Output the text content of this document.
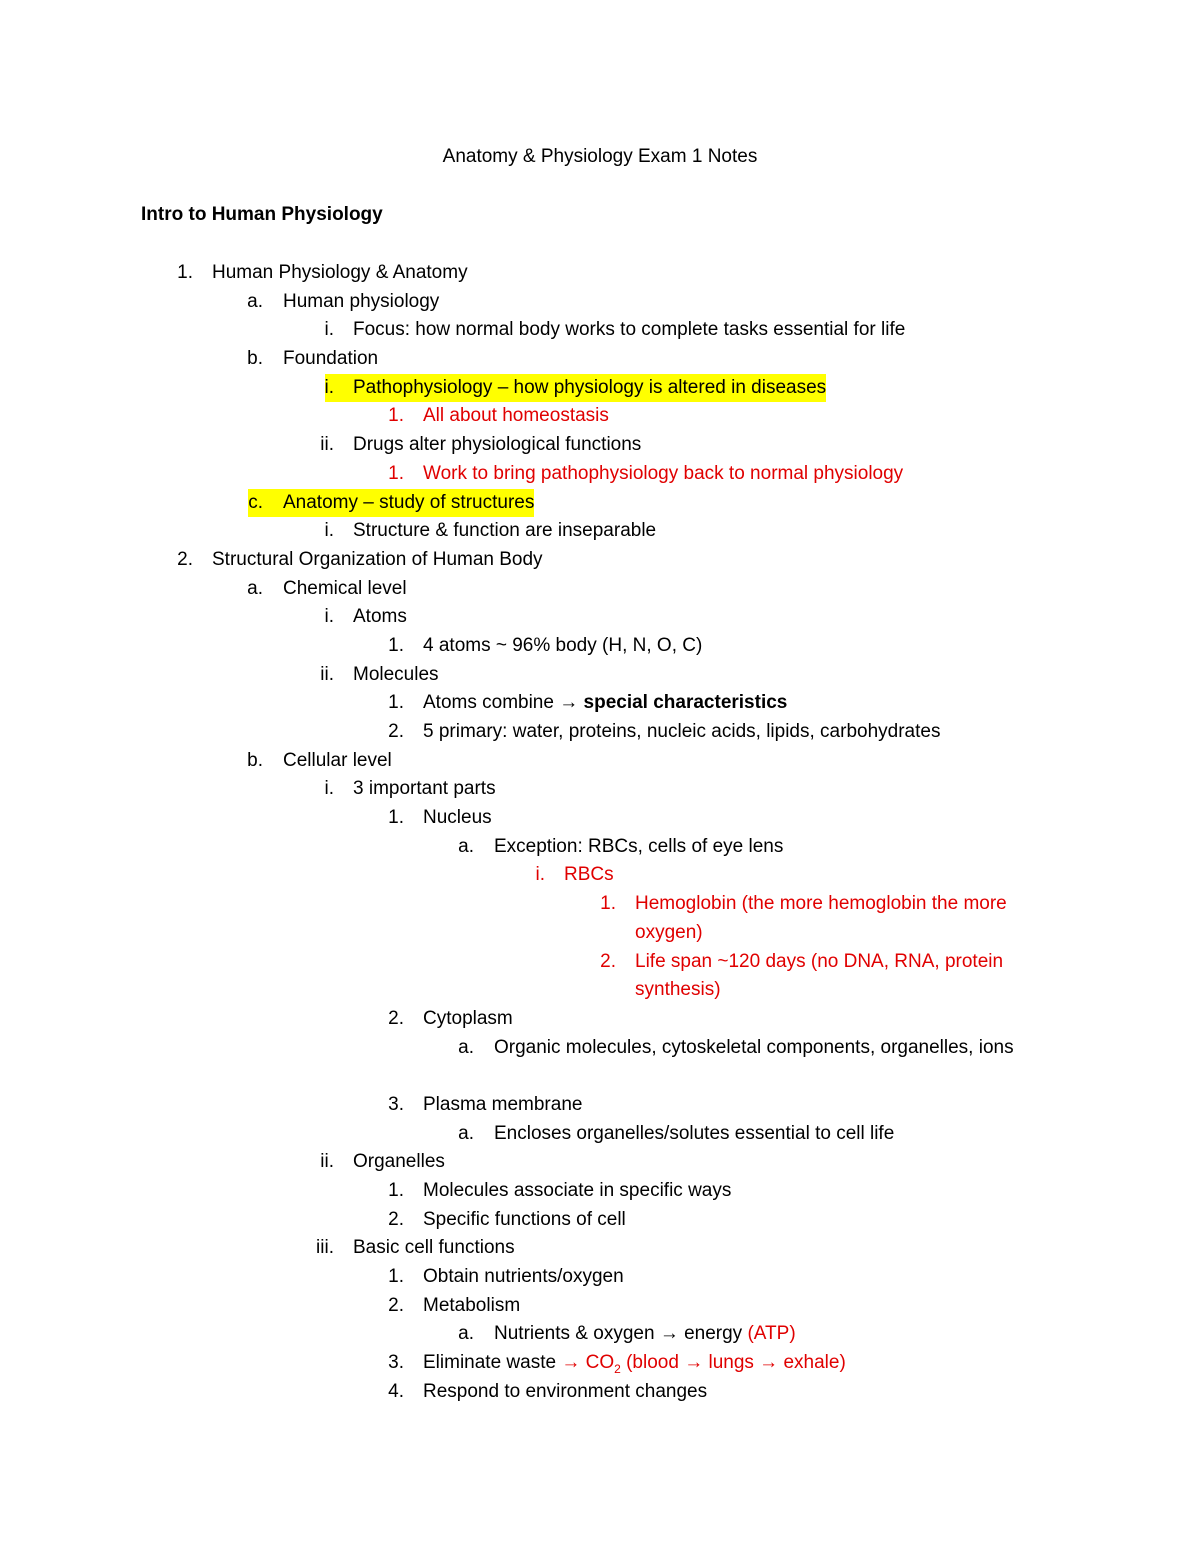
Anatomy & Physiology Exam 1 Notes
Intro to Human Physiology
1. Human Physiology & Anatomy
a. Human physiology
i. Focus: how normal body works to complete tasks essential for life
b. Foundation
i.	Pathophysiology – how physiology is altered in diseases
1. All about homeostasis
ii. Drugs alter physiological functions
1. Work to bring pathophysiology back to normal physiology
c.	Anatomy – study of structures
i. Structure & function are inseparable
2. Structural Organization of Human Body
a. Chemical level
i. Atoms
1. 4 atoms ~ 96% body (H, N, O, C)
ii. Molecules
1. Atoms combine → special characteristics
2. 5 primary: water, proteins, nucleic acids, lipids, carbohydrates
b. Cellular level
i. 3 important parts
1. Nucleus
a. Exception: RBCs, cells of eye lens
i. RBCs
1. Hemoglobin (the more hemoglobin the more oxygen)
2. Life span ~120 days (no DNA, RNA, protein synthesis)
2. Cytoplasm
a. Organic molecules, cytoskeletal components, organelles, ions
3. Plasma membrane
a. Encloses organelles/solutes essential to cell life
ii. Organelles
1. Molecules associate in specific ways
2. Specific functions of cell
iii. Basic cell functions
1. Obtain nutrients/oxygen
2. Metabolism
a. Nutrients & oxygen → energy (ATP)
3. Eliminate waste → $CO_2$ (blood → lungs → exhale)
4. Respond to environment changes
